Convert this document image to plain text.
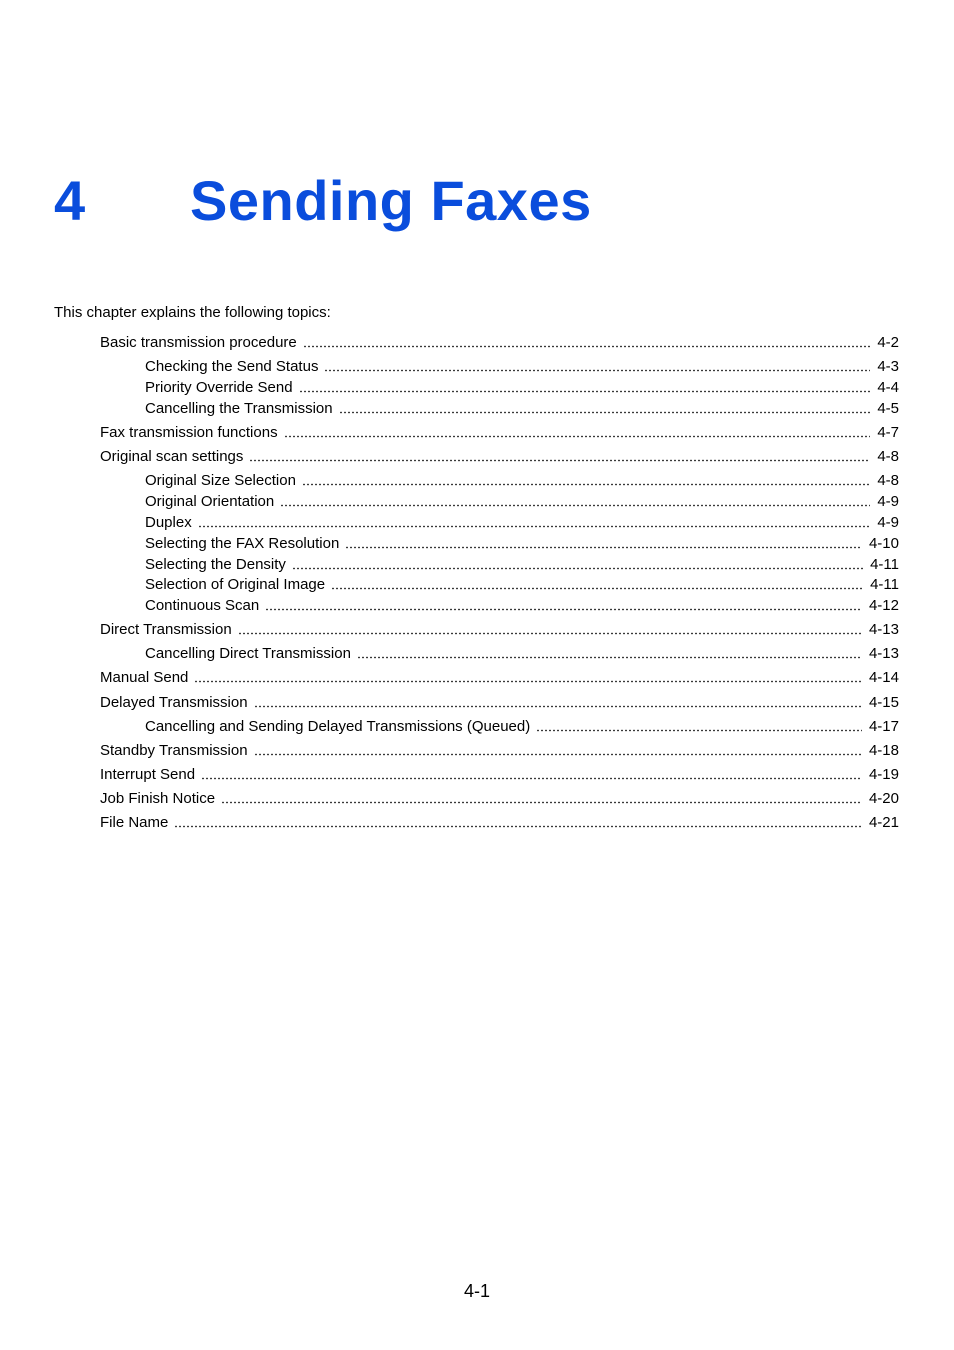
4 Sending Faxes
This chapter explains the following topics:
Basic transmission procedure	4-2
Checking the Send Status	4-3
Priority Override Send	4-4
Cancelling the Transmission	4-5
Fax transmission functions	4-7
Original scan settings	4-8
Original Size Selection	4-8
Original Orientation	4-9
Duplex	4-9
Selecting the FAX Resolution	4-10
Selecting the Density	4-11
Selection of Original Image	4-11
Continuous Scan	4-12
Direct Transmission	4-13
Cancelling Direct Transmission	4-13
Manual Send	4-14
Delayed Transmission	4-15
Cancelling and Sending Delayed Transmissions (Queued)	4-17
Standby Transmission	4-18
Interrupt Send	4-19
Job Finish Notice	4-20
File Name	4-21
4-1
